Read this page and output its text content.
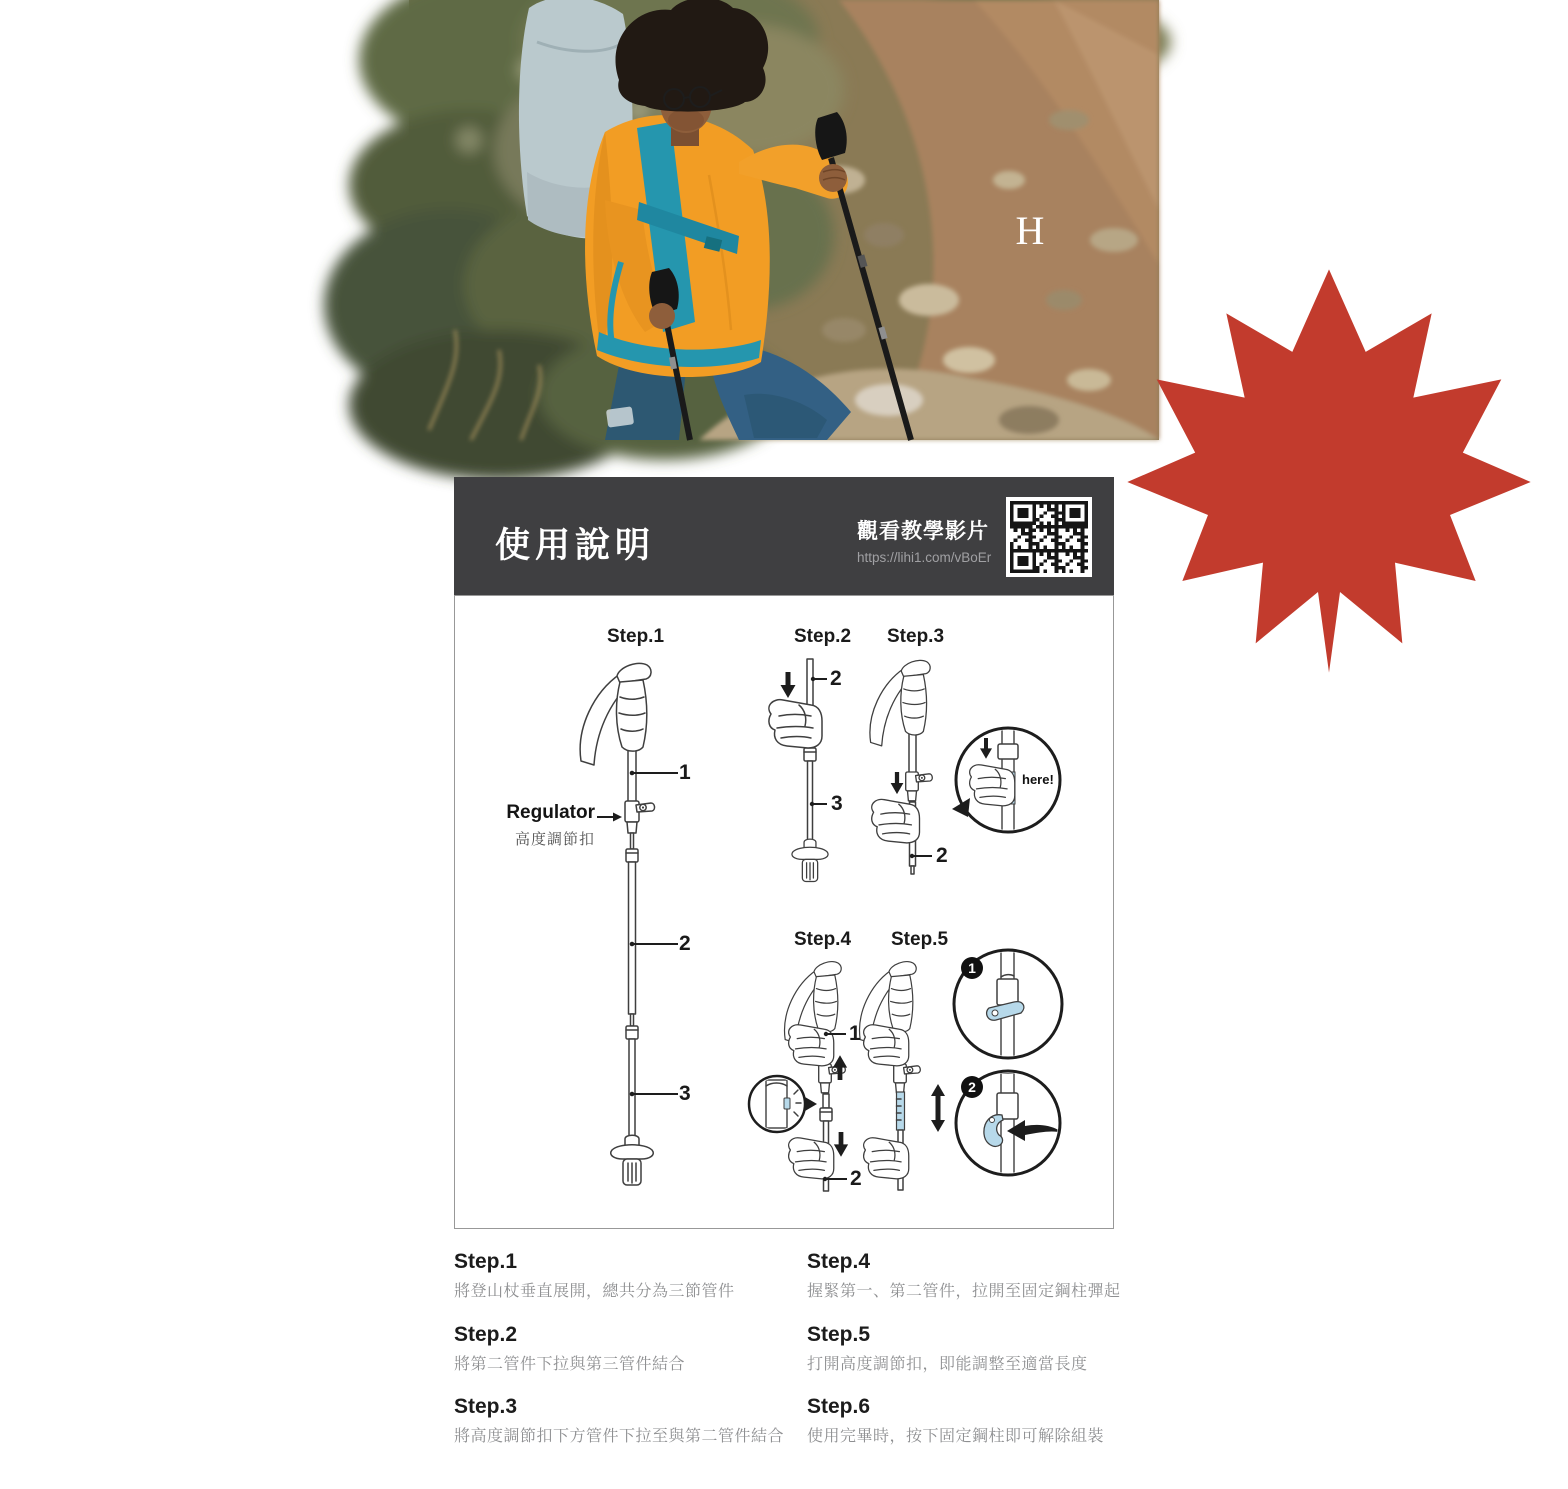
H
使用說明	觀看教學影片
https://lihi1.com/vBoEr
Step.1	Step.2 Step.3
Step.4 Step.5
1
2
3
2
3
2
1
2
Regulator
高度調節扣
here!
1
2
Step.1
將登山杖垂直展開，總共分為三節管件
Step.2
將第二管件下拉與第三管件結合
Step.3
將高度調節扣下方管件下拉至與第二管件結合
Step.4
握緊第一、第二管件，拉開至固定鋼柱彈起
Step.5
打開高度調節扣，即能調整至適當長度
Step.6
使用完畢時，按下固定鋼柱即可解除組裝
